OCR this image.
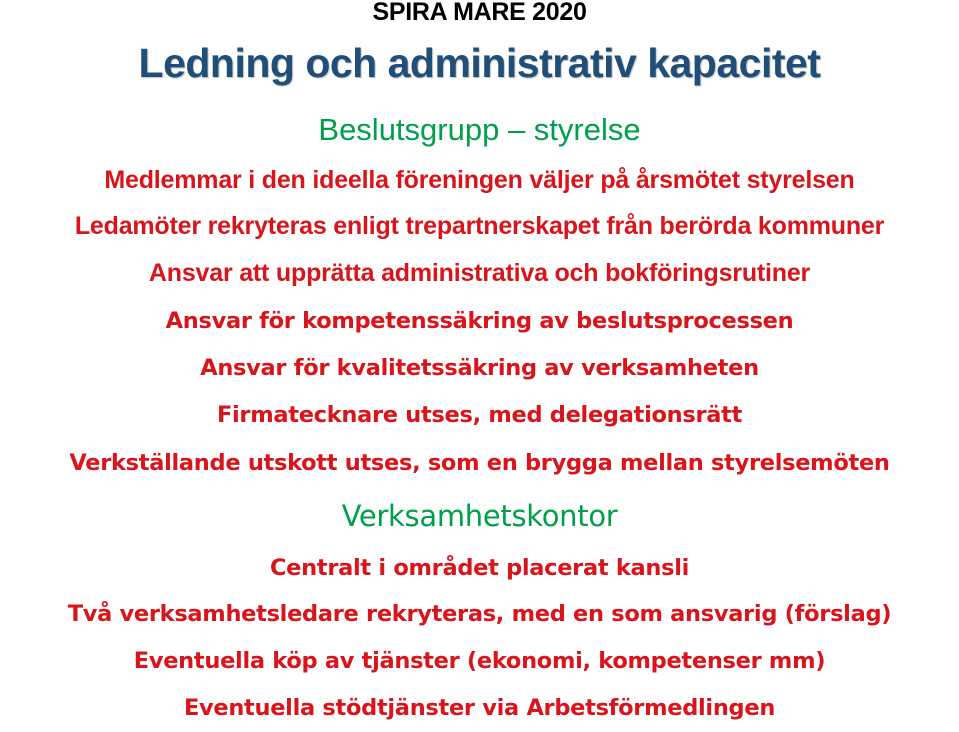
SPIRA MARE 2020
Ledning och administrativ kapacitet
Beslutsgrupp – styrelse
Medlemmar i den ideella föreningen väljer på årsmötet styrelsen
Ledamöter rekryteras enligt trepartnerskapet från berörda kommuner
Ansvar att upprätta administrativa och bokföringsrutiner
Ansvar för kompetenssäkring av beslutsprocessen
Ansvar för kvalitetssäkring av verksamheten
Firmatecknare utses, med delegationsrätt
Verkställande utskott utses, som en brygga mellan styrelsemöten
Verksamhetskontor
Centralt i området placerat kansli
Två verksamhetsledare rekryteras, med en som ansvarig (förslag)
Eventuella köp av tjänster (ekonomi, kompetenser mm)
Eventuella stödtjänster via Arbetsförmedlingen
